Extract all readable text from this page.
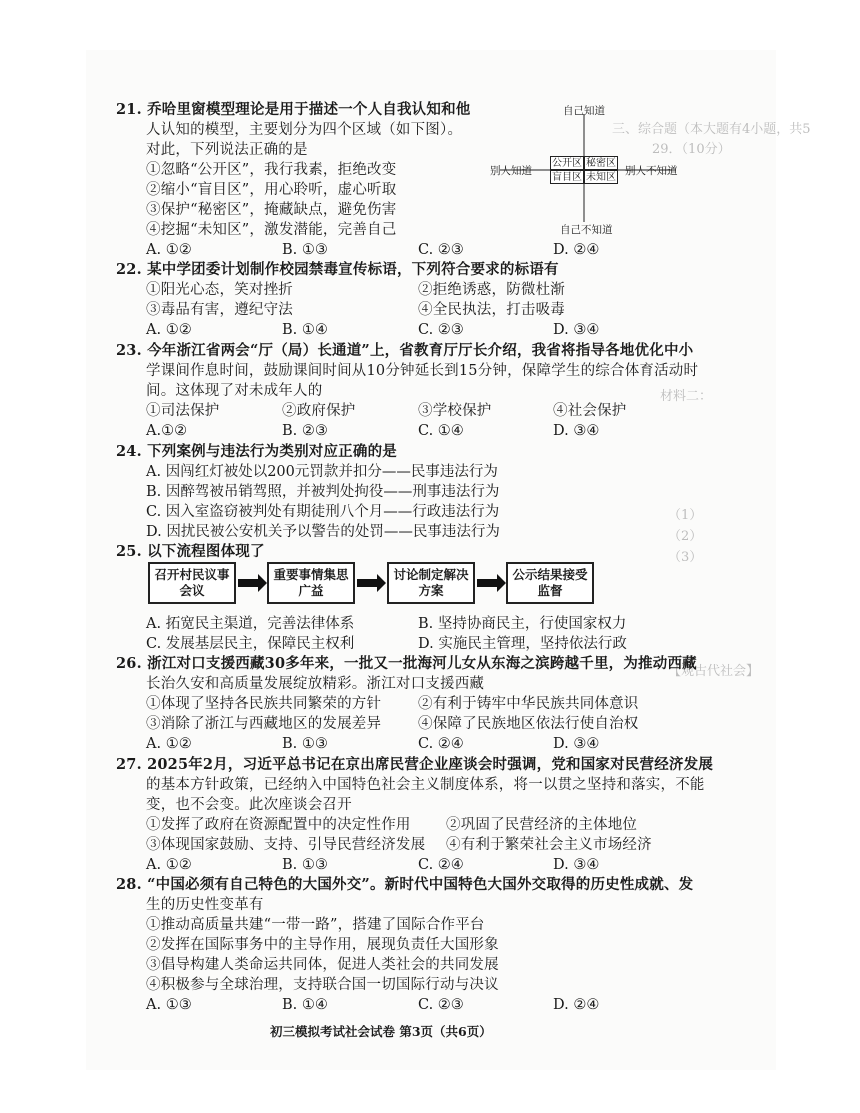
三、综合题（本大题有4小题，共5
29．（10分）
材料二：
（1）
（2）
（3）
【观古代社会】
21. 乔哈里窗模型理论是用于描述一个人自我认知和他
人认知的模型，主要划分为四个区域（如下图）。
对此，下列说法正确的是
①忽略“公开区”，我行我素，拒绝改变
②缩小“盲目区”，用心聆听，虚心听取
③保护“秘密区”，掩藏缺点，避免伤害
④挖掘“未知区”，激发潜能，完善自己
A. ①②	B. ①③	C. ②③	D. ②④
自己知道
自己不知道
别人知道	别人不知道
公开区 秘密区
盲目区 未知区
22. 某中学团委计划制作校园禁毒宣传标语，下列符合要求的标语有
①阳光心态，笑对挫折	②拒绝诱惑，防微杜渐
③毒品有害，遵纪守法	④全民执法，打击吸毒
A. ①②	B. ①④	C. ②③	D. ③④
23. 今年浙江省两会“厅（局）长通道”上，省教育厅厅长介绍，我省将指导各地优化中小
学课间作息时间，鼓励课间时间从10分钟延长到15分钟，保障学生的综合体育活动时
间。这体现了对未成年人的
①司法保护	②政府保护	③学校保护	④社会保护
A.①②	B. ②③	C. ①④	D. ③④
24. 下列案例与违法行为类别对应正确的是
A. 因闯红灯被处以200元罚款并扣分——民事违法行为
B. 因醉驾被吊销驾照，并被判处拘役——刑事违法行为
C. 因入室盗窃被判处有期徒刑八个月——行政违法行为
D. 因扰民被公安机关予以警告的处罚——民事违法行为
25. 以下流程图体现了
召开村民议事会议
重要事情集思广益
讨论制定解决方案
公示结果接受监督
A. 拓宽民主渠道，完善法律体系	B. 坚持协商民主，行使国家权力
C. 发展基层民主，保障民主权利	D. 实施民主管理，坚持依法行政
26. 浙江对口支援西藏30多年来，一批又一批海河儿女从东海之滨跨越千里，为推动西藏
长治久安和高质量发展绽放精彩。浙江对口支援西藏
①体现了坚持各民族共同繁荣的方针	②有利于铸牢中华民族共同体意识
③消除了浙江与西藏地区的发展差异	④保障了民族地区依法行使自治权
A. ①②	B. ①③	C. ②④	D. ③④
27. 2025年2月，习近平总书记在京出席民营企业座谈会时强调，党和国家对民营经济发展
的基本方针政策，已经纳入中国特色社会主义制度体系，将一以贯之坚持和落实，不能
变，也不会变。此次座谈会召开
①发挥了政府在资源配置中的决定性作用 ②巩固了民营经济的主体地位
③体现国家鼓励、支持、引导民营经济发展 ④有利于繁荣社会主义市场经济
A. ①②	B. ①③	C. ②④	D. ③④
28. “中国必须有自己特色的大国外交”。新时代中国特色大国外交取得的历史性成就、发
生的历史性变革有
①推动高质量共建“一带一路”，搭建了国际合作平台
②发挥在国际事务中的主导作用，展现负责任大国形象
③倡导构建人类命运共同体，促进人类社会的共同发展
④积极参与全球治理，支持联合国一切国际行动与决议
A. ①③	B. ①④	C. ②③	D. ②④
初三模拟考试社会试卷 第3页（共6页）
